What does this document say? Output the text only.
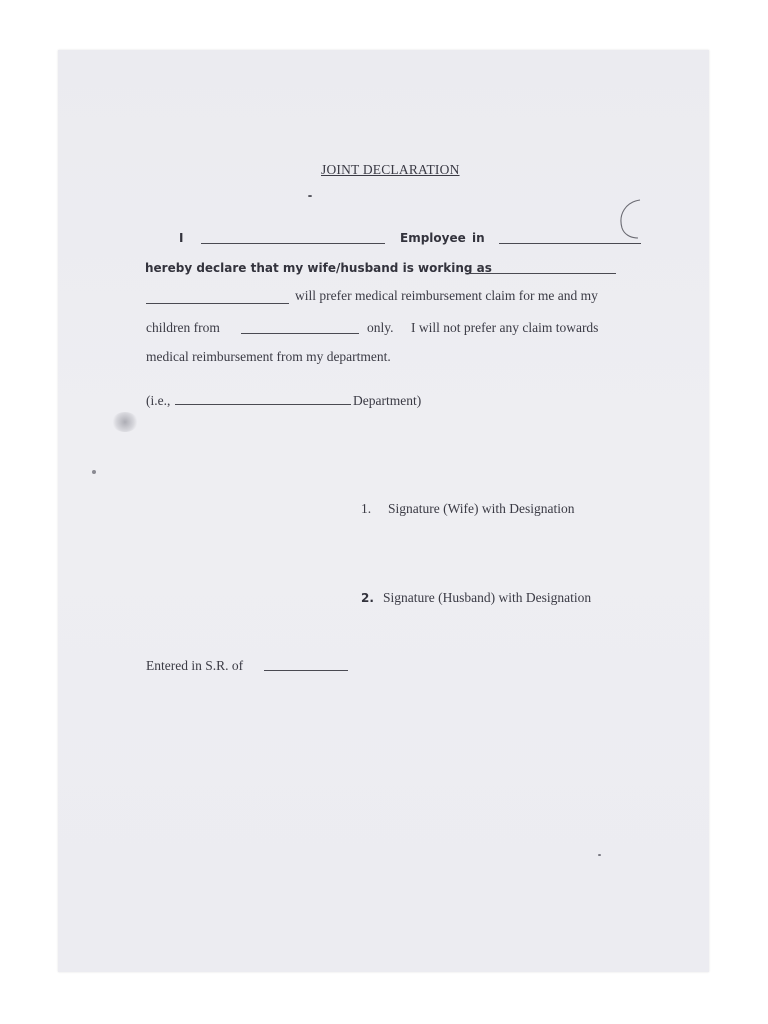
JOINT DECLARATION
I	Employee in
hereby declare that my wife/husband is working as
will prefer medical reimbursement claim for me and my
children from	only. I will not prefer any claim towards
medical reimbursement from my department.
(i.e.,	Department)
1. Signature (Wife) with Designation
2. Signature (Husband) with Designation
Entered in S.R. of
